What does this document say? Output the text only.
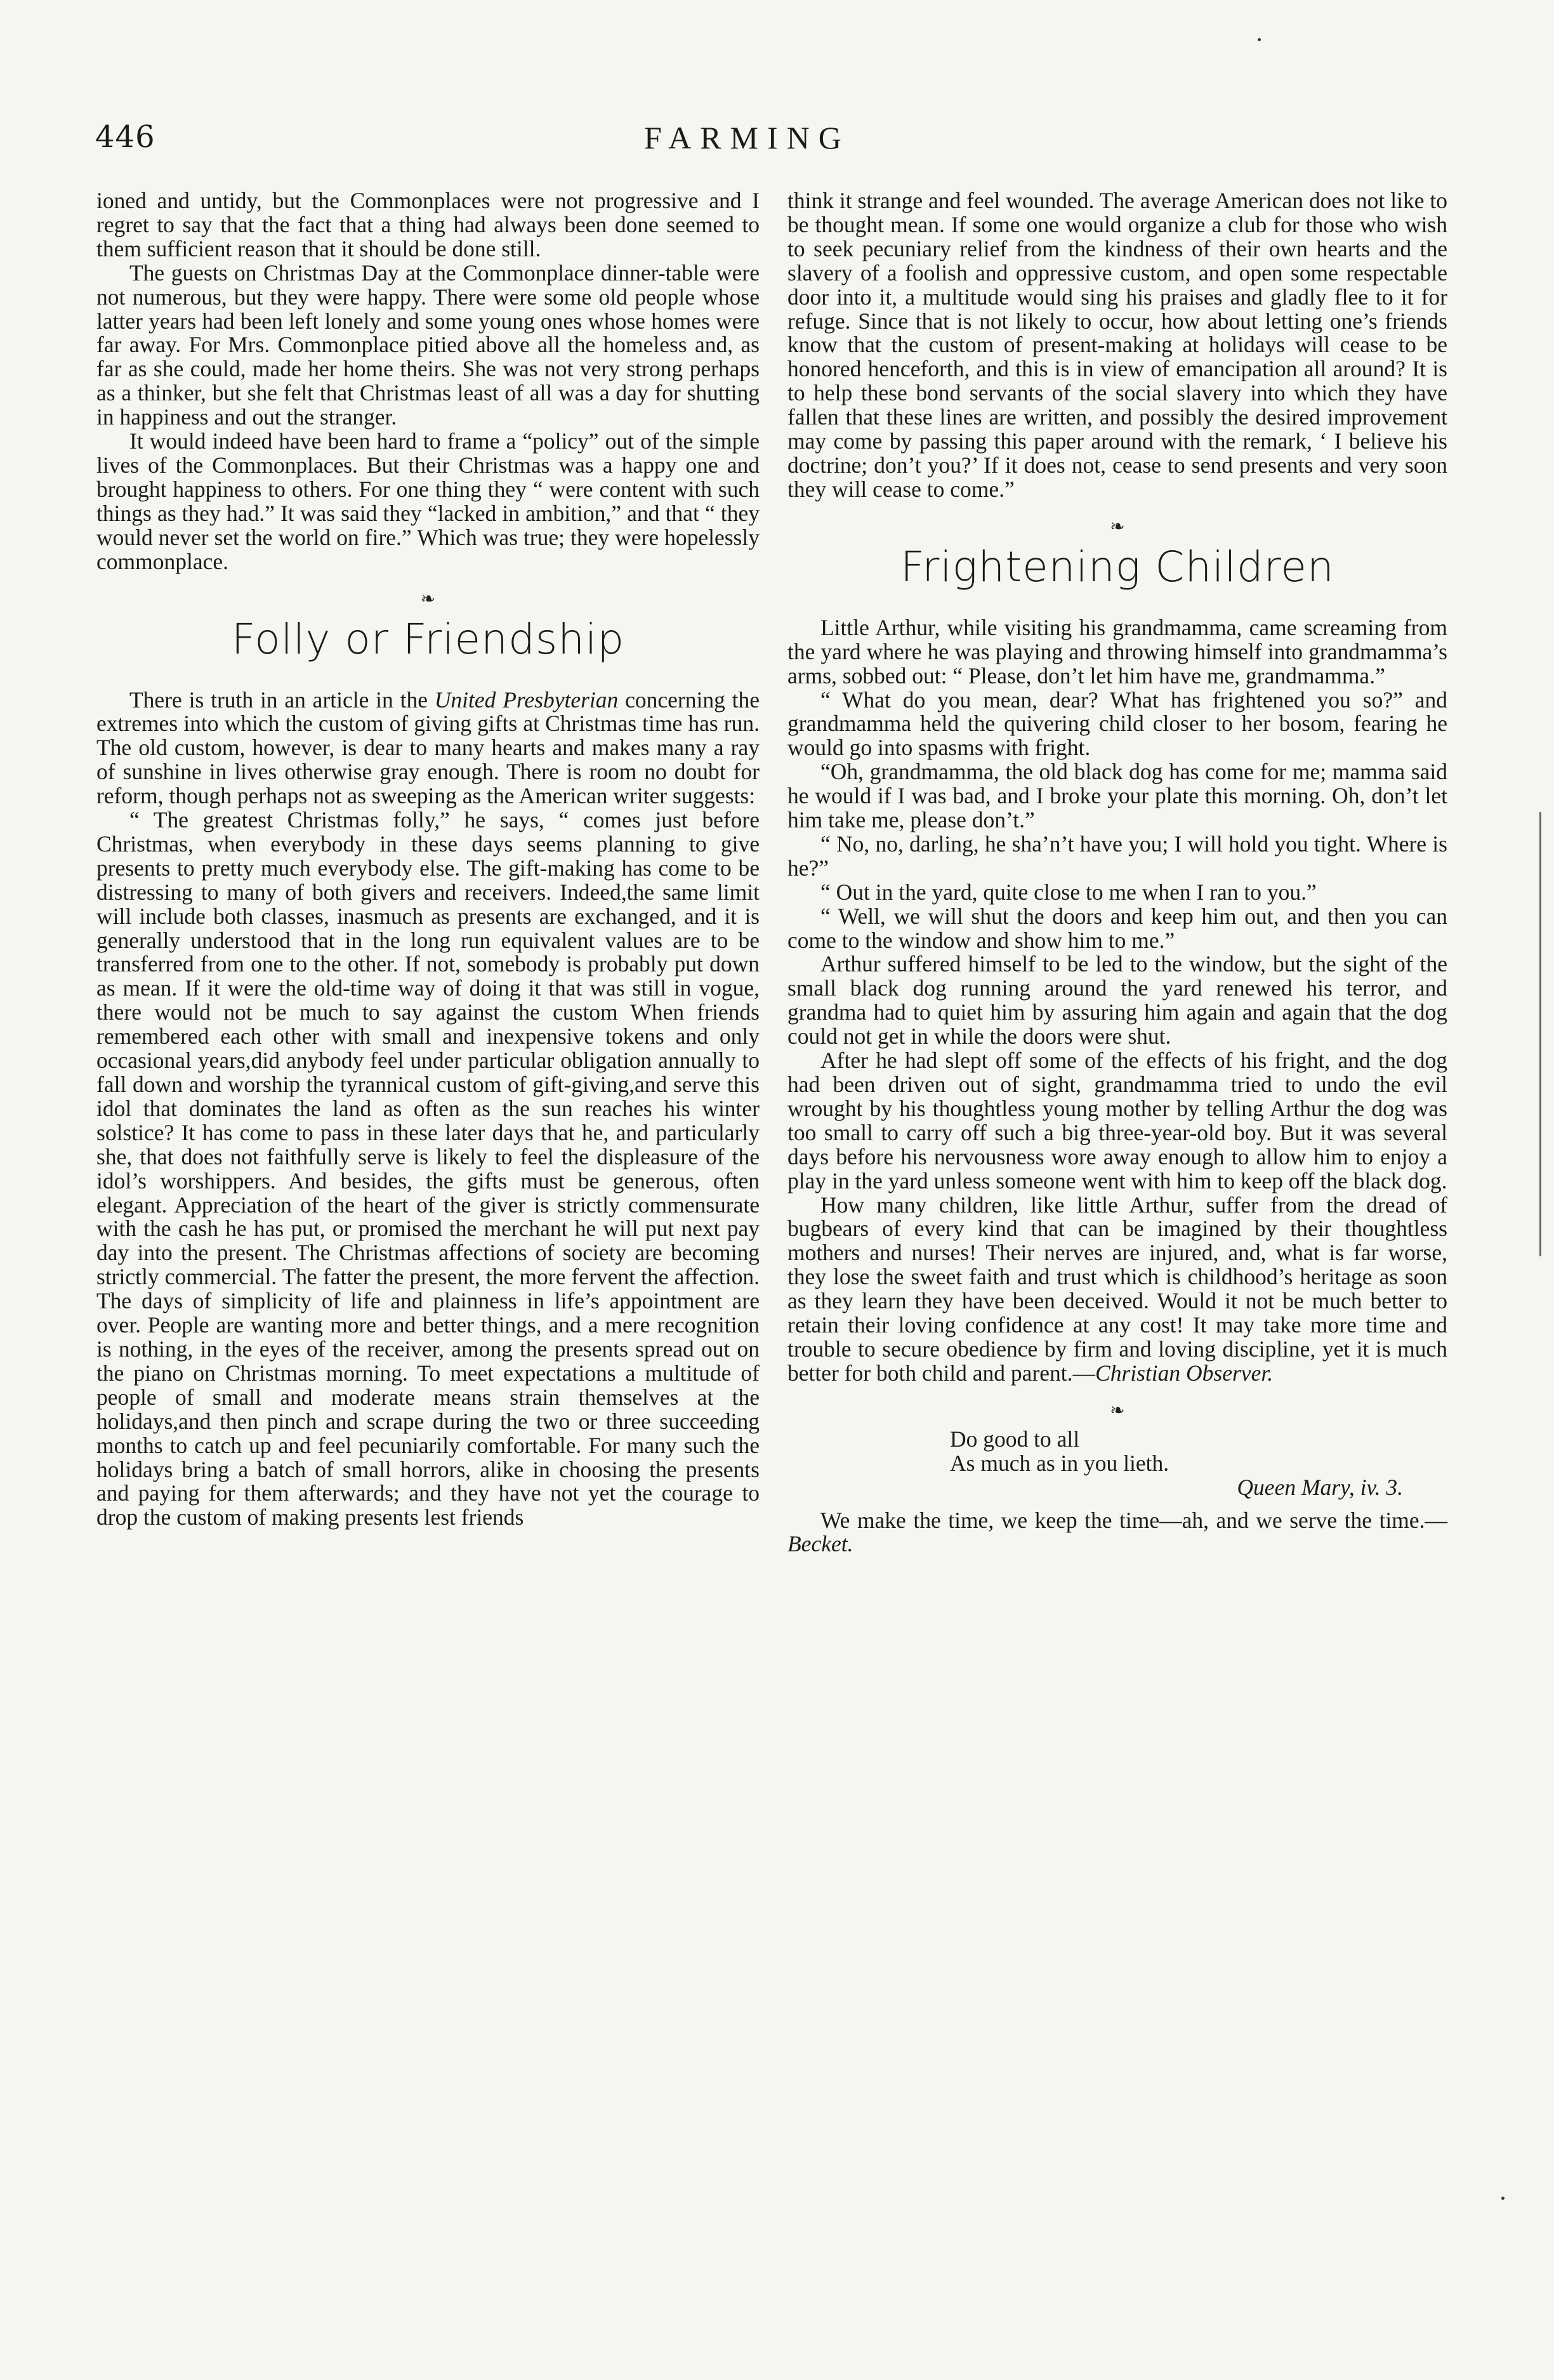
446	FARMING

ioned and untidy, but the Commonplaces were not progressive and I regret to say that the fact that a thing had always been done seemed to them sufficient reason that it should be done still.

The guests on Christmas Day at the Commonplace dinner-table were not numerous, but they were happy. There were some old people whose latter years had been left lonely and some young ones whose homes were far away. For Mrs. Commonplace pitied above all the homeless and, as far as she could, made her home theirs. She was not very strong perhaps as a thinker, but she felt that Christmas least of all was a day for shutting in happiness and out the stranger.

It would indeed have been hard to frame a “policy” out of the simple lives of the Commonplaces. But their Christmas was a happy one and brought happiness to others. For one thing they “ were content with such things as they had.” It was said they “lacked in ambition,” and that “ they would never set the world on fire.” Which was true; they were hopelessly commonplace.

❧
Folly or Friendship

There is truth in an article in the United Presbyterian concerning the extremes into which the custom of giving gifts at Christmas time has run. The old custom, however, is dear to many hearts and makes many a ray of sunshine in lives otherwise gray enough. There is room no doubt for reform, though perhaps not as sweeping as the American writer suggests:

“ The greatest Christmas folly,” he says, “ comes just before Christmas, when everybody in these days seems planning to give presents to pretty much everybody else. The gift-making has come to be distressing to many of both givers and receivers. Indeed,the same limit will include both classes, inasmuch as presents are exchanged, and it is generally understood that in the long run equivalent values are to be transferred from one to the other. If not, somebody is probably put down as mean. If it were the old-time way of doing it that was still in vogue, there would not be much to say against the custom When friends remembered each other with small and inexpensive tokens and only occasional years,did anybody feel under particular obligation annually to fall down and worship the tyrannical custom of gift-giving,and serve this idol that dominates the land as often as the sun reaches his winter solstice? It has come to pass in these later days that he, and particularly she, that does not faithfully serve is likely to feel the displeasure of the idol’s worshippers. And besides, the gifts must be generous, often elegant. Appreciation of the heart of the giver is strictly commensurate with the cash he has put, or promised the merchant he will put next pay day into the present. The Christmas affections of society are becoming strictly commercial. The fatter the present, the more fervent the affection. The days of simplicity of life and plainness in life’s appointment are over. People are wanting more and better things, and a mere recognition is nothing, in the eyes of the receiver, among the presents spread out on the piano on Christmas morning. To meet expectations a multitude of people of small and moderate means strain themselves at the holidays,and then pinch and scrape during the two or three succeeding months to catch up and feel pecuniarily comfortable. For many such the holidays bring a batch of small horrors, alike in choosing the presents and paying for them afterwards; and they have not yet the courage to drop the custom of making presents lest friends

think it strange and feel wounded. The average American does not like to be thought mean. If some one would organize a club for those who wish to seek pecuniary relief from the kindness of their own hearts and the slavery of a foolish and oppressive custom, and open some respectable door into it, a multitude would sing his praises and gladly flee to it for refuge. Since that is not likely to occur, how about letting one’s friends know that the custom of present-making at holidays will cease to be honored henceforth, and this is in view of emancipation all around? It is to help these bond servants of the social slavery into which they have fallen that these lines are written, and possibly the desired improvement may come by passing this paper around with the remark, ‘ I believe his doctrine; don’t you?’ If it does not, cease to send presents and very soon they will cease to come.”

❧
Frightening Children

Little Arthur, while visiting his grandmamma, came screaming from the yard where he was playing and throwing himself into grandmamma’s arms, sobbed out: “ Please, don’t let him have me, grandmamma.”

“ What do you mean, dear? What has frightened you so?” and grandmamma held the quivering child closer to her bosom, fearing he would go into spasms with fright.

“Oh, grandmamma, the old black dog has come for me; mamma said he would if I was bad, and I broke your plate this morning. Oh, don’t let him take me, please don’t.”

“ No, no, darling, he sha’n’t have you; I will hold you tight. Where is he?”

“ Out in the yard, quite close to me when I ran to you.”

“ Well, we will shut the doors and keep him out, and then you can come to the window and show him to me.”

Arthur suffered himself to be led to the window, but the sight of the small black dog running around the yard renewed his terror, and grandma had to quiet him by assuring him again and again that the dog could not get in while the doors were shut.

After he had slept off some of the effects of his fright, and the dog had been driven out of sight, grandmamma tried to undo the evil wrought by his thoughtless young mother by telling Arthur the dog was too small to carry off such a big three-year-old boy. But it was several days before his nervousness wore away enough to allow him to enjoy a play in the yard unless someone went with him to keep off the black dog.

How many children, like little Arthur, suffer from the dread of bugbears of every kind that can be imagined by their thoughtless mothers and nurses! Their nerves are injured, and, what is far worse, they lose the sweet faith and trust which is childhood’s heritage as soon as they learn they have been deceived. Would it not be much better to retain their loving confidence at any cost! It may take more time and trouble to secure obedience by firm and loving discipline, yet it is much better for both child and parent.—Christian Observer.

❧
Do good to all
As much as in you lieth.
Queen Mary, iv. 3.

We make the time, we keep the time—ah, and we serve the time.—Becket.
